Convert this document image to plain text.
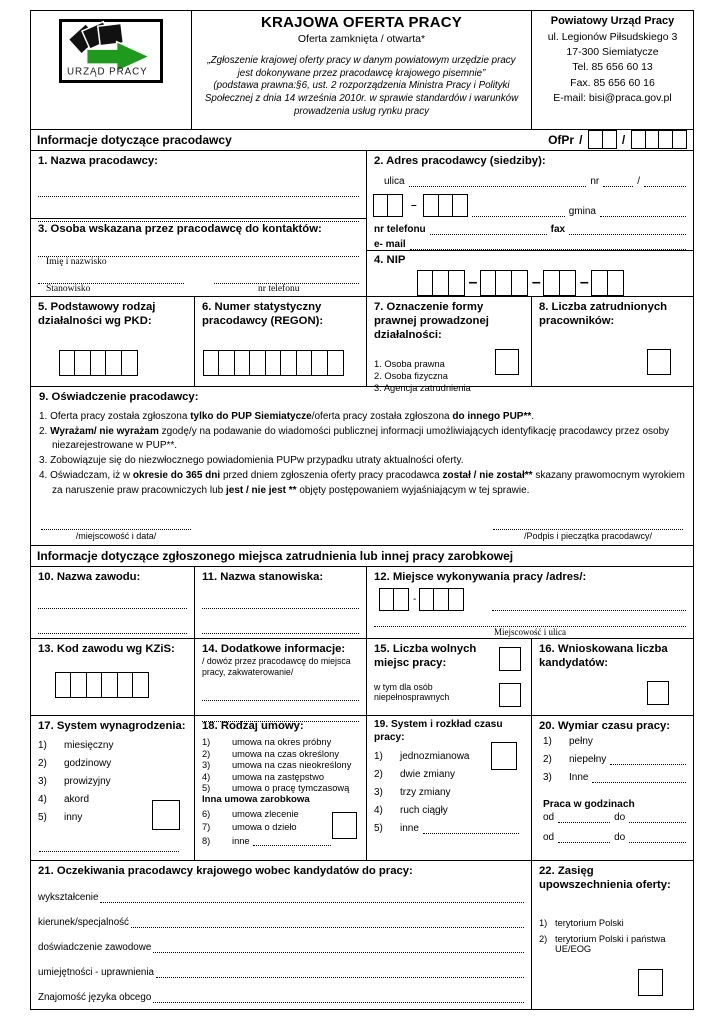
URZĄD PRACY
KRAJOWA OFERTA PRACY
Oferta zamknięta / otwarta*
„Zgłoszenie krajowej oferty pracy w danym powiatowym urzędzie pracy jest dokonywane przez pracodawcę krajowego pisemnie”
(podstawa prawna:§6, ust. 2 rozporządzenia Ministra Pracy i Polityki Społecznej z dnia 14 września 2010r. w sprawie standardów i warunków prowadzenia usług rynku pracy
Powiatowy Urząd Pracy
ul. Legionów Piłsudskiego 3
17-300 Siemiatycze
Tel. 85 656 60 13
Fax. 85 656 60 16
E-mail: bisi@praca.gov.pl
Informacje dotyczące pracodawcy	OfPr /	/
1. Nazwa pracodawcy:
3. Osoba wskazana przez pracodawcę do kontaktów:
Imię i nazwisko
Stanowisko	nr telefonu
2. Adres pracodawcy (siedziby):
ulica	nr	/
–
gmina
nr telefonu	fax
e- mail
4. NIP
–	– –
5. Podstawowy rodzaj działalności wg PKD:
6. Numer statystyczny pracodawcy (REGON):
7. Oznaczenie formy prawnej prowadzonej działalności:
1. Osoba prawna
2. Osoba fizyczna
3. Agencja zatrudnienia
8. Liczba zatrudnionych pracowników:
9. Oświadczenie pracodawcy:

1. Oferta pracy została zgłoszona tylko do PUP Siemiatycze/oferta pracy została zgłoszona do innego PUP**.

2. Wyrażam/ nie wyrażam zgodę/y na podawanie do wiadomości publicznej informacji umożliwiających identyfikację pracodawcy przez osoby niezarejestrowane w PUP**.

3. Zobowiązuje się do niezwłocznego powiadomienia PUPw przypadku utraty aktualności oferty.

4. Oświadczam, iż w okresie do 365 dni przed dniem zgłoszenia oferty pracy pracodawca został / nie został** skazany prawomocnym wyrokiem za naruszenie praw pracowniczych lub jest / nie jest ** objęty postępowaniem wyjaśniającym w tej sprawie.

/miejscowość i data/	/Podpis i pieczątka pracodawcy/
Informacje dotyczące zgłoszonego miejsca zatrudnienia lub innej pracy zarobkowej
10. Nazwa zawodu:	11. Nazwa stanowiska:	12. Miejsce wykonywania pracy /adres/:
-
Miejscowość i ulica
13. Kod zawodu wg KZiS:	14. Dodatkowe informacje:
/ dowóz przez pracodawcę do miejsca pracy, zakwaterowanie/
15. Liczba wolnych miejsc pracy:
w tym dla osób niepełnosprawnych
16. Wnioskowana liczba kandydatów:
17. System wynagrodzenia:
1)	miesięczny
2)	godzinowy
3)	prowizyjny
4)	akord
5)	inny
18. Rodzaj umowy:
1)	umowa na okres próbny
2)	umowa na czas określony
3)	umowa na czas nieokreślony
4)	umowa na zastępstwo
5)	umowa o pracę tymczasową
Inna umowa zarobkowa
6)	umowa zlecenie
7)	umowa o dzieło
8)	inne
19. System i rozkład czasu pracy:
1)	jednozmianowa
2)	dwie zmiany
3)	trzy zmiany
4)	ruch ciągły
5)	inne
20. Wymiar czasu pracy:
1)	pełny
2)	niepełny
3)	Inne
Praca w godzinach
od	do
od	do
21. Oczekiwania pracodawcy krajowego wobec kandydatów do pracy:
wykształcenie
kierunek/specjalność
doświadczenie zawodowe
umiejętności - uprawnienia
Znajomość języka obcego
22. Zasięg upowszechnienia oferty:
1) terytorium Polski
2) terytorium Polski i państwa UE/EOG
